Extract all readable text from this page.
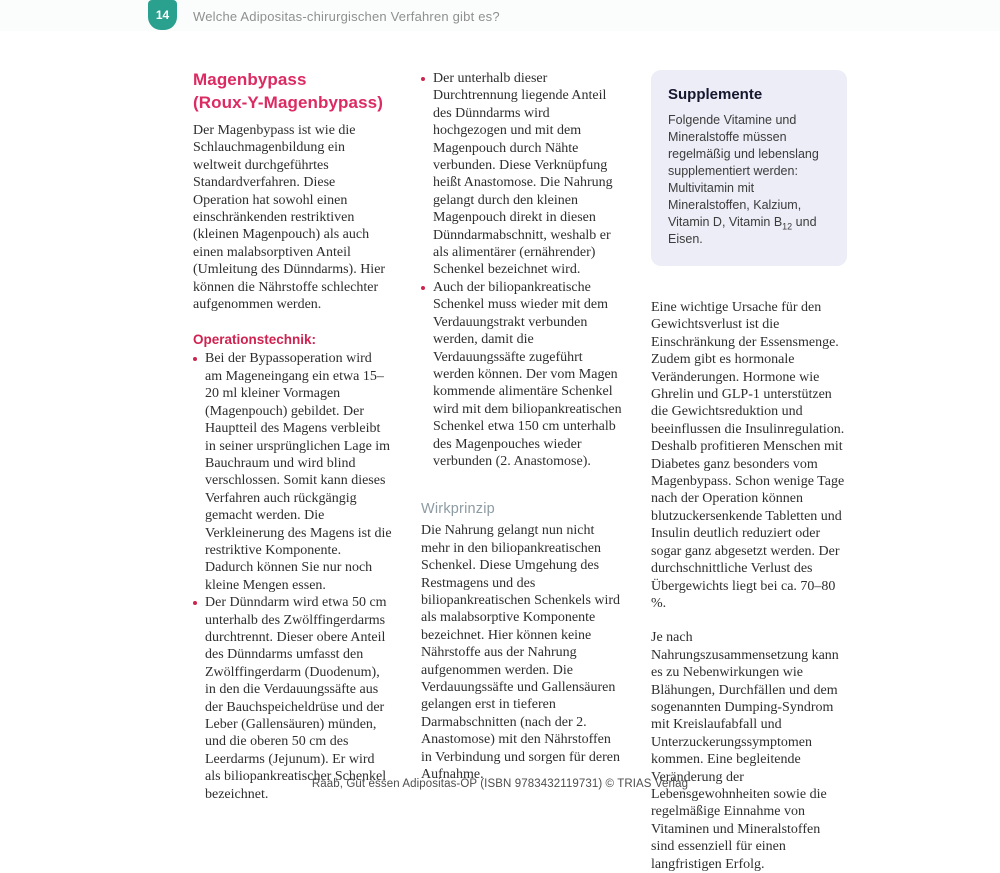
14 Welche Adipositas-chirurgischen Verfahren gibt es?
Magenbypass
(Roux-Y-Magenbypass)

Der Magenbypass ist wie die Schlauchmagenbildung ein weltweit durchgeführtes Standardverfahren. Diese Operation hat sowohl einen einschränkenden restriktiven (kleinen Magenpouch) als auch einen malabsorptiven Anteil (Umleitung des Dünndarms). Hier können die Nährstoffe schlechter aufgenommen werden.

Operationstechnik:
Bei der Bypassoperation wird am Mageneingang ein etwa 15–20 ml kleiner Vormagen (Magenpouch) gebildet. Der Hauptteil des Magens verbleibt in seiner ursprünglichen Lage im Bauchraum und wird blind verschlossen. Somit kann dieses Verfahren auch rückgängig gemacht werden. Die Verkleinerung des Magens ist die restriktive Komponente. Dadurch können Sie nur noch kleine Mengen essen.
Der Dünndarm wird etwa 50 cm unterhalb des Zwölffingerdarms durchtrennt. Dieser obere Anteil des Dünndarms umfasst den Zwölffingerdarm (Duodenum), in den die Verdauungssäfte aus der Bauchspeicheldrüse und der Leber (Gallensäuren) münden, und die oberen 50 cm des Leerdarms (Jejunum). Er wird als biliopankreatischer Schenkel bezeichnet.
Der unterhalb dieser Durchtrennung liegende Anteil des Dünndarms wird hochgezogen und mit dem Magenpouch durch Nähte verbunden. Diese Verknüpfung heißt Anastomose. Die Nahrung gelangt durch den kleinen Magenpouch direkt in diesen Dünndarmabschnitt, weshalb er als alimentärer (ernährender) Schenkel bezeichnet wird.
Auch der biliopankreatische Schenkel muss wieder mit dem Verdauungstrakt verbunden werden, damit die Verdauungssäfte zugeführt werden können. Der vom Magen kommende alimentäre Schenkel wird mit dem biliopankreatischen Schenkel etwa 150 cm unterhalb des Magenpouches wieder verbunden (2. Anastomose).
Wirkprinzip

Die Nahrung gelangt nun nicht mehr in den biliopankreatischen Schenkel. Diese Umgehung des Restmagens und des biliopankreatischen Schenkels wird als malabsorptive Komponente bezeichnet. Hier können keine Nährstoffe aus der Nahrung aufgenommen werden. Die Verdauungssäfte und Gallensäuren gelangen erst in tieferen Darmabschnitten (nach der 2. Anastomose) mit den Nährstoffen in Verbindung und sorgen für deren Aufnahme.

Supplemente
Folgende Vitamine und Mineralstoffe müssen regelmäßig und lebenslang supplementiert werden: Multivitamin mit Mineralstoffen, Kalzium, Vitamin D, Vitamin $B_{12}$ und Eisen.

Eine wichtige Ursache für den Gewichtsverlust ist die Einschränkung der Essensmenge. Zudem gibt es hormonale Veränderungen. Hormone wie Ghrelin und GLP-1 unterstützen die Gewichtsreduktion und beeinflussen die Insulinregulation. Deshalb profitieren Menschen mit Diabetes ganz besonders vom Magenbypass. Schon wenige Tage nach der Operation können blutzuckersenkende Tabletten und Insulin deutlich reduziert oder sogar ganz abgesetzt werden. Der durchschnittliche Verlust des Übergewichts liegt bei ca. 70–80 %.

Je nach Nahrungszusammensetzung kann es zu Nebenwirkungen wie Blähungen, Durchfällen und dem sogenannten Dumping-Syndrom mit Kreislaufabfall und Unterzuckerungssymptomen kommen. Eine begleitende Veränderung der Lebensgewohnheiten sowie die regelmäßige Einnahme von Vitaminen und Mineralstoffen sind essenziell für einen langfristigen Erfolg.

Raab, Gut essen Adipositas-OP (ISBN 9783432119731) © TRIAS Verlag
